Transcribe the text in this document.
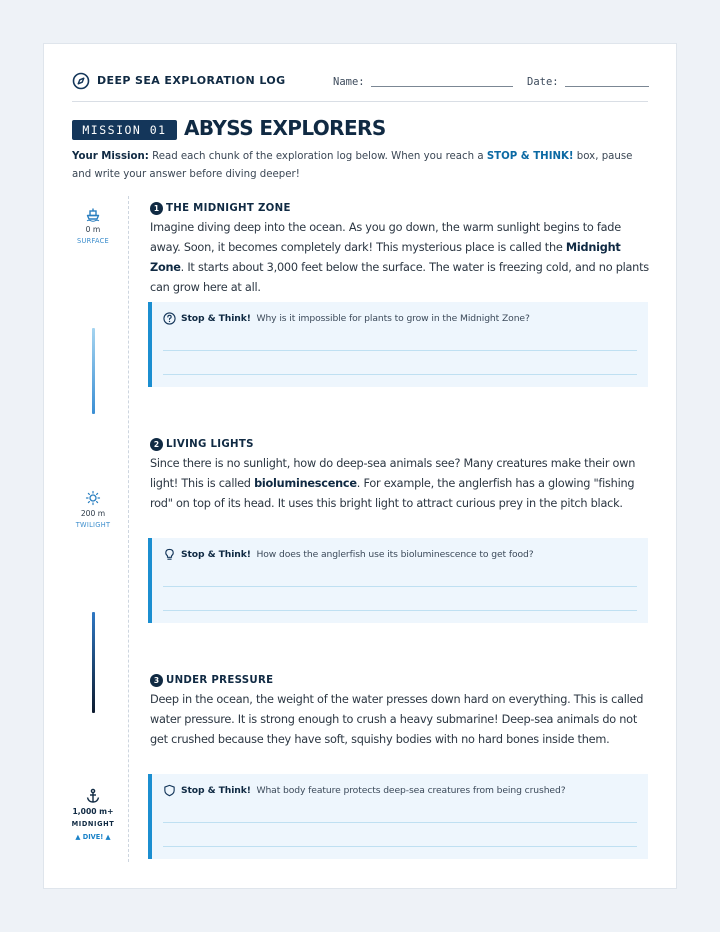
DEEP SEA EXPLORATION LOG	Name:	Date:
MISSION 01 ABYSS EXPLORERS
Your Mission: Read each chunk of the exploration log below. When you reach a STOP & THINK! box, pause and write your answer before diving deeper!
0 m
SURFACE
200 m
TWILIGHT
1,000 m+
MIDNIGHT
▲ DIVE! ▲
1 THE MIDNIGHT ZONE

Imagine diving deep into the ocean. As you go down, the warm sunlight begins to fade away. Soon, it becomes completely dark! This mysterious place is called the Midnight Zone. It starts about 3,000 feet below the surface. The water is freezing cold, and no plants can grow here at all.

Stop & Think! Why is it impossible for plants to grow in the Midnight Zone?
2 LIVING LIGHTS

Since there is no sunlight, how do deep-sea animals see? Many creatures make their own light! This is called bioluminescence. For example, the anglerfish has a glowing "fishing rod" on top of its head. It uses this bright light to attract curious prey in the pitch black.

Stop & Think! How does the anglerfish use its bioluminescence to get food?
3 UNDER PRESSURE

Deep in the ocean, the weight of the water presses down hard on everything. This is called water pressure. It is strong enough to crush a heavy submarine! Deep-sea animals do not get crushed because they have soft, squishy bodies with no hard bones inside them.

Stop & Think! What body feature protects deep-sea creatures from being crushed?
